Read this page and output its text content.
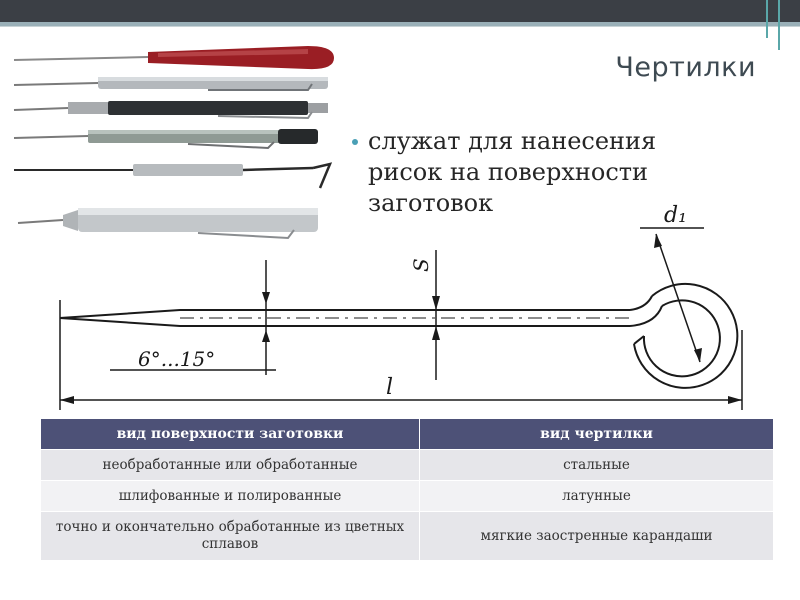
Чертилки
служат для нанесения рисок на поверхности заготовок	d₁
S
6°...15°
l
вид поверхности заготовки	вид чертилки
необработанные или обработанные	стальные
шлифованные и полированные	латунные
точно и окончательно обработанные из цветных сплавов	мягкие заостренные карандаши
